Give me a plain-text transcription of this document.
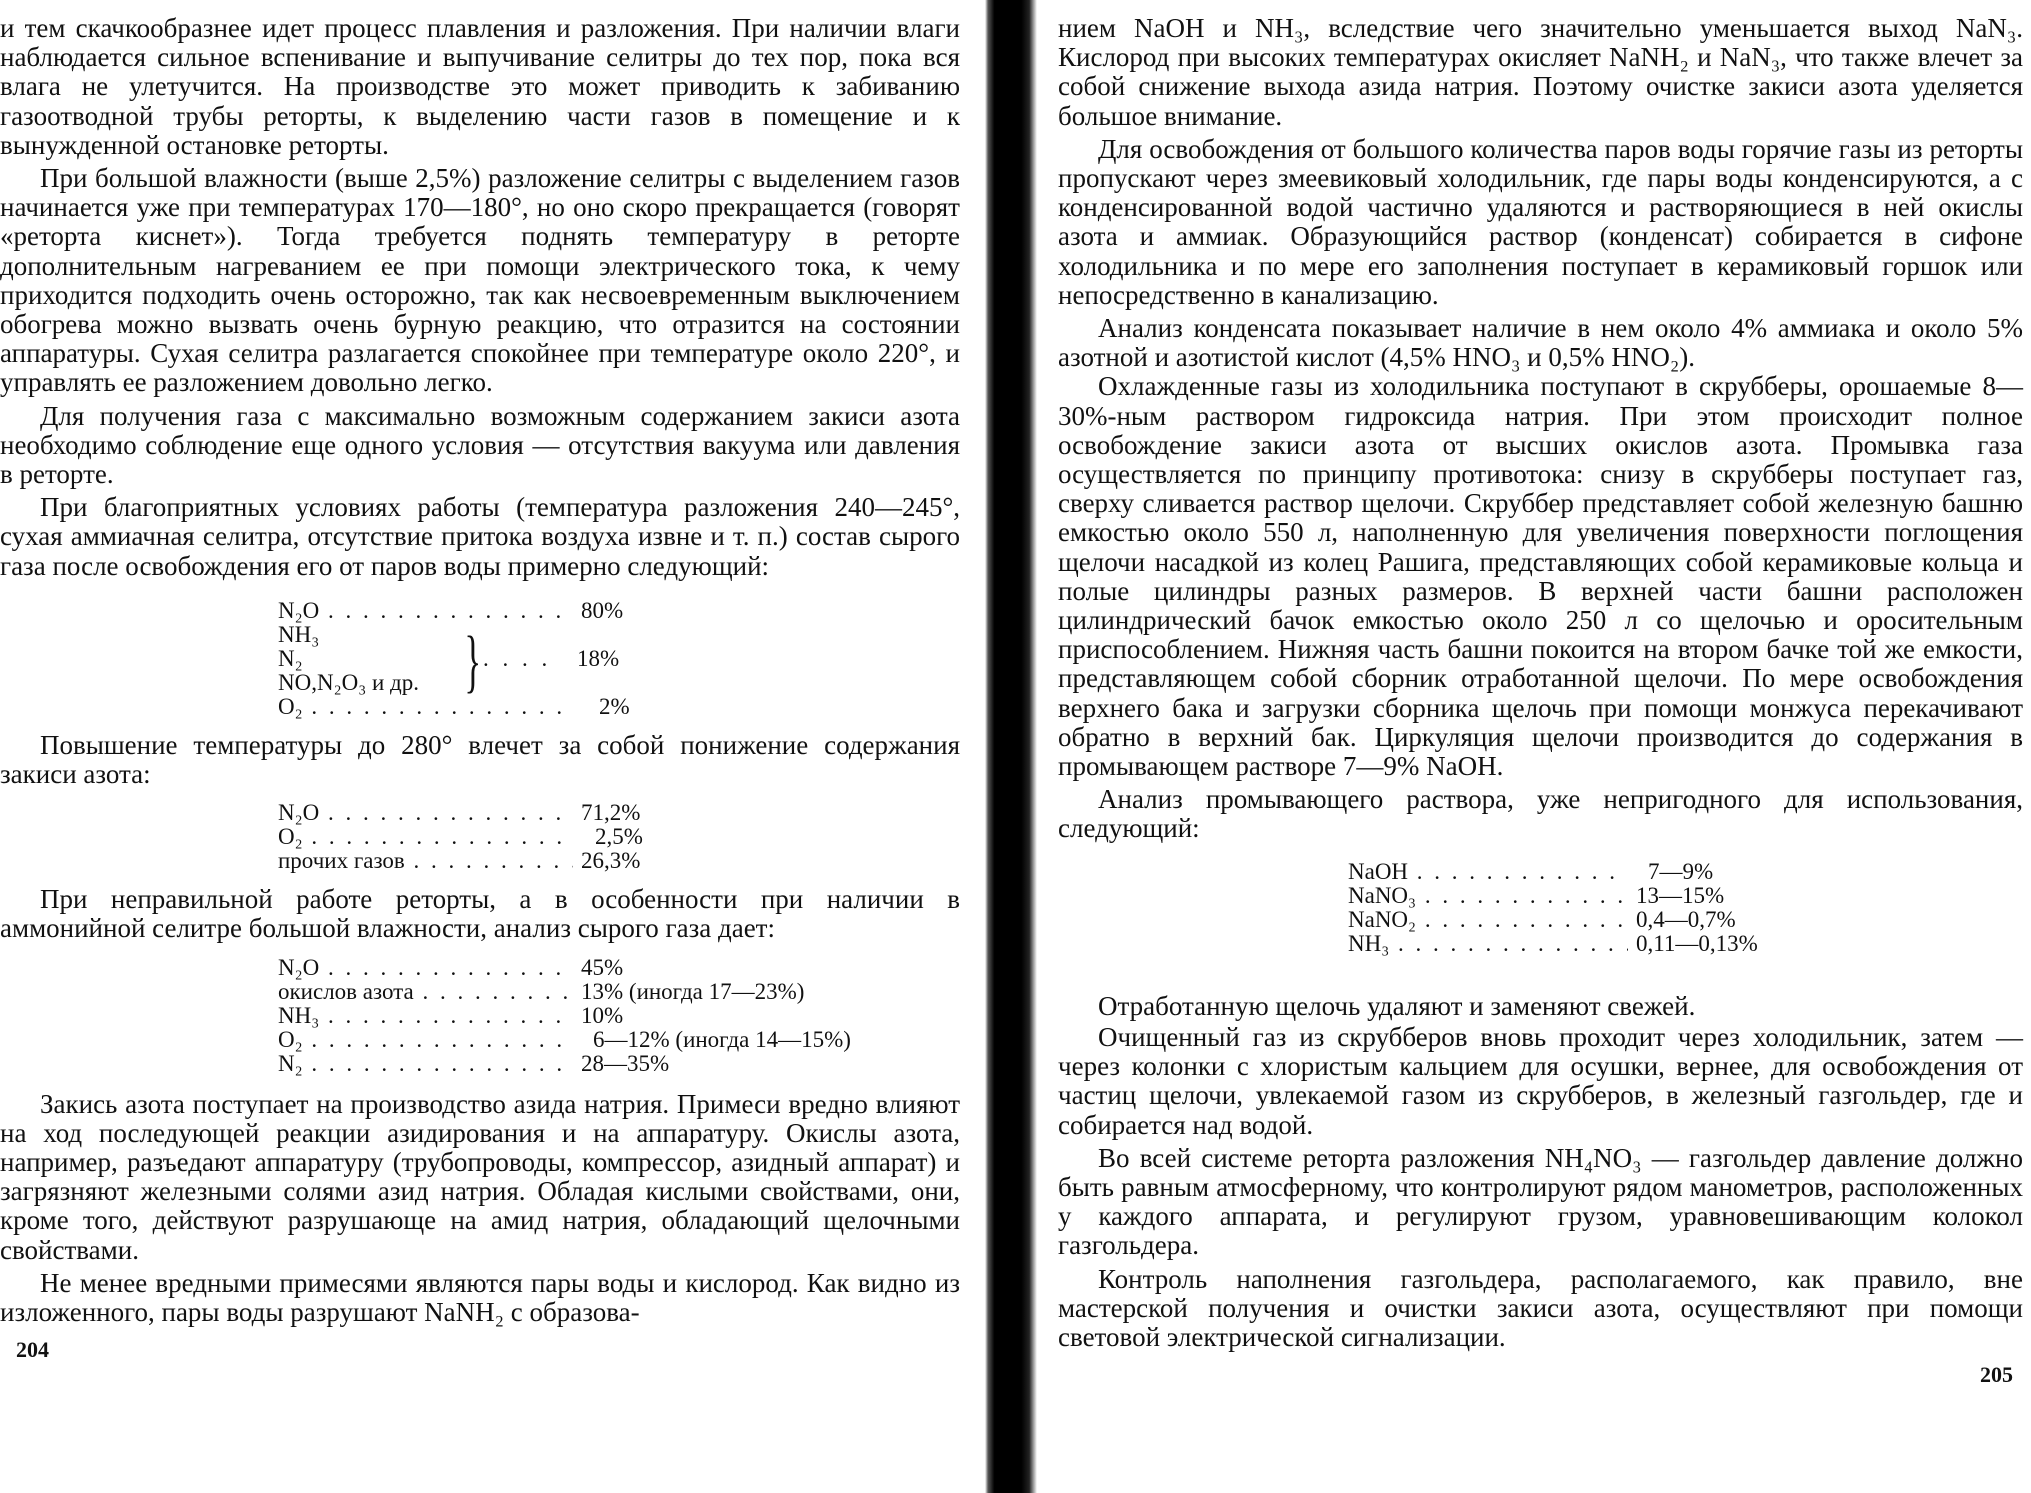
и тем скачкообразнее идет процесс плавления и разложения. При наличии влаги наблюдается сильное вспенивание и выпучивание селитры до тех пор, пока вся влага не улетучится. На производстве это может приводить к забиванию газоотводной трубы реторты, к выделению части газов в помещение и к вынужденной остановке реторты.

При большой влажности (выше 2,5%) разложение селитры с выделением газов начинается уже при температурах 170—180°, но оно скоро прекращается (говорят «реторта киснет»). Тогда требуется поднять температуру в реторте дополнительным нагреванием ее при помощи электрического тока, к чему приходится подходить очень осторожно, так как несвоевременным выключением обогрева можно вызвать очень бурную реакцию, что отразится на состоянии аппаратуры. Сухая селитра разлагается спокойнее при температуре около 220°, и управлять ее разложением довольно легко.

Для получения газа с максимально возможным содержанием закиси азота необходимо соблюдение еще одного условия — отсутствия вакуума или давления в реторте.

При благоприятных условиях работы (температура разложения 240—245°, сухая аммиачная селитра, отсутствие притока воздуха извне и т. п.) состав сырого газа после освобождения его от паров воды примерно следующий:

N₂O . . .	80%
NH₃
N₂
NO,N₂O₃ и др. } . . . . 18%
O₂ . . .	2%

Повышение температуры до 280° влечет за собой понижение содержания закиси азота:

N₂O . . .	71,2%
O₂ . . .	2,5%
прочих газов . . .	26,3%

При неправильной работе реторты, а в особенности при наличии в аммонийной селитре большой влажности, анализ сырого газа дает:

N₂O . . .	45%
окислов азота . . .	13% (иногда 17—23%)
NH₃ . . .	10%
O₂ . . .	6—12% (иногда 14—15%)
N₂ . . .	28—35%

Закись азота поступает на производство азида натрия. Примеси вредно влияют на ход последующей реакции азидирования и на аппаратуру. Окислы азота, например, разъедают аппаратуру (трубопроводы, компрессор, азидный аппарат) и загрязняют железными солями азид натрия. Обладая кислыми свойствами, они, кроме того, действуют разрушающе на амид натрия, обладающий щелочными свойствами.

Не менее вредными примесями являются пары воды и кислород. Как видно из изложенного, пары воды разрушают NaNH₂ с образова-

204

нием NaOH и NH₃, вследствие чего значительно уменьшается выход NaN₃. Кислород при высоких температурах окисляет NaNH₂ и NaN₃, что также влечет за собой снижение выхода азида натрия. Поэтому очистке закиси азота уделяется большое внимание.

Для освобождения от большого количества паров воды горячие газы из реторты пропускают через змеевиковый холодильник, где пары воды конденсируются, а с конденсированной водой частично удаляются и растворяющиеся в ней окислы азота и аммиак. Образующийся раствор (конденсат) собирается в сифоне холодильника и по мере его заполнения поступает в керамиковый горшок или непосредственно в канализацию.

Анализ конденсата показывает наличие в нем около 4% аммиака и около 5% азотной и азотистой кислот (4,5% HNO₃ и 0,5% HNO₂).

Охлажденные газы из холодильника поступают в скрубберы, орошаемые 8—30%-ным раствором гидроксида натрия. При этом происходит полное освобождение закиси азота от высших окислов азота. Промывка газа осуществляется по принципу противотока: снизу в скрубберы поступает газ, сверху сливается раствор щелочи. Скруббер представляет собой железную башню емкостью около 550 л, наполненную для увеличения поверхности поглощения щелочи насадкой из колец Рашига, представляющих собой керамиковые кольца и полые цилиндры разных размеров. В верхней части башни расположен цилиндрический бачок емкостью около 250 л со щелочью и оросительным приспособлением. Нижняя часть башни покоится на втором бачке той же емкости, представляющем собой сборник отработанной щелочи. По мере освобождения верхнего бака и загрузки сборника щелочь при помощи монжуса перекачивают обратно в верхний бак. Циркуляция щелочи производится до содержания в промывающем растворе 7—9% NaOH.

Анализ промывающего раствора, уже непригодного для использования, следующий:

NaOH . . .	7—9%
NaNO₃ . . .	13—15%
NaNO₂ . . .	0,4—0,7%
NH₃ . . .	0,11—0,13%

Отработанную щелочь удаляют и заменяют свежей.

Очищенный газ из скрубберов вновь проходит через холодильник, затем — через колонки с хлористым кальцием для осушки, вернее, для освобождения от частиц щелочи, увлекаемой газом из скрубберов, в железный газгольдер, где и собирается над водой.

Во всей системе реторта разложения NH₄NO₃ — газгольдер давление должно быть равным атмосферному, что контролируют рядом манометров, расположенных у каждого аппарата, и регулируют грузом, уравновешивающим колокол газгольдера.

Контроль наполнения газгольдера, располагаемого, как правило, вне мастерской получения и очистки закиси азота, осуществляют при помощи световой электрической сигнализации.

205
